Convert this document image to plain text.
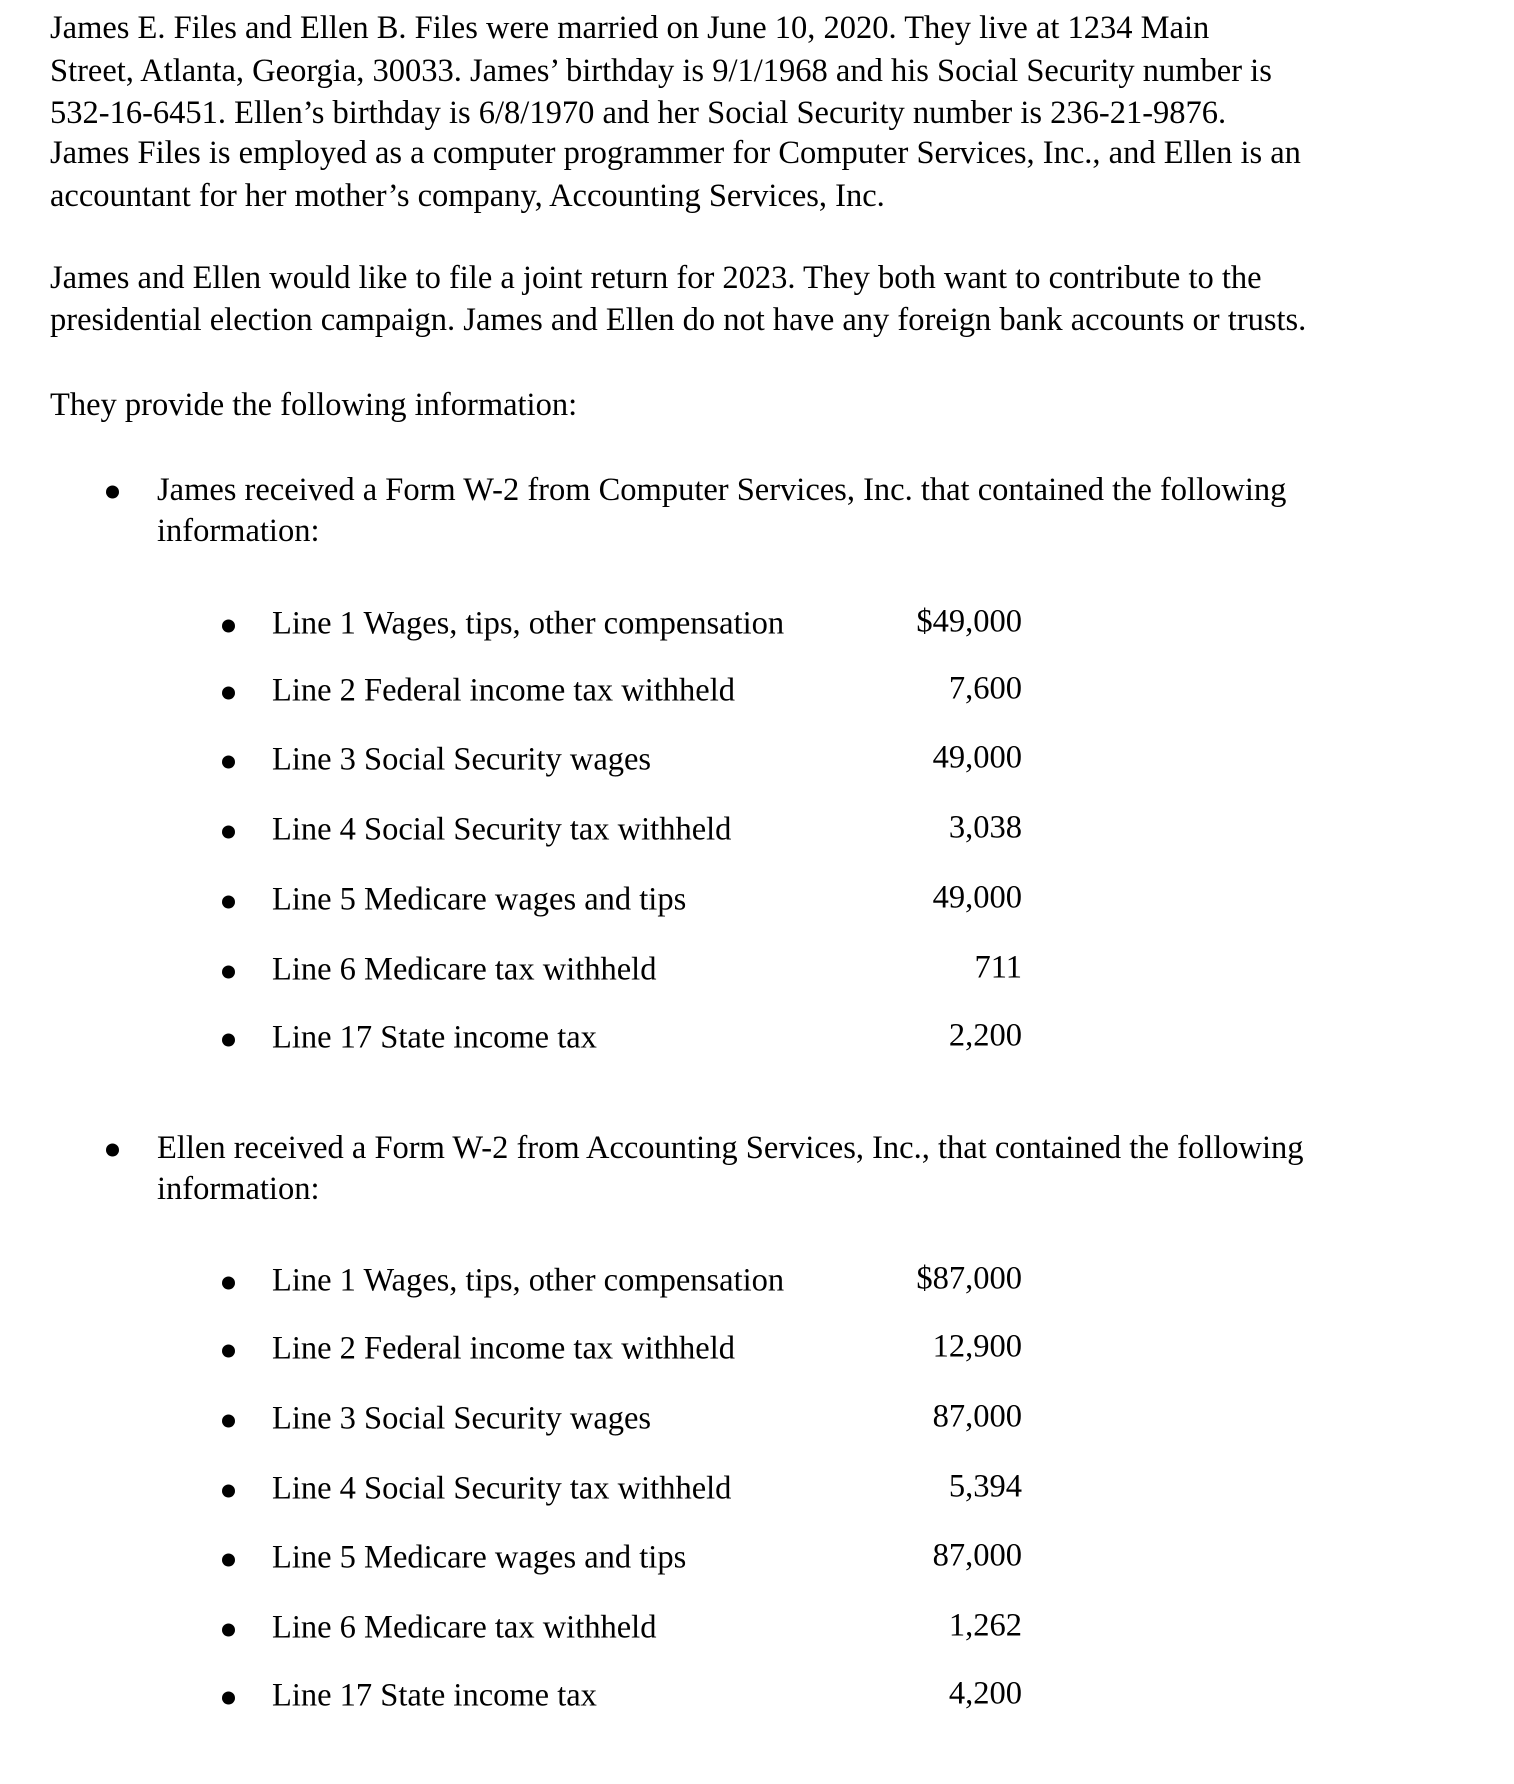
James E. Files and Ellen B. Files were married on June 10, 2020. They live at 1234 Main
Street, Atlanta, Georgia, 30033. James’ birthday is 9/1/1968 and his Social Security number is
532-16-6451. Ellen’s birthday is 6/8/1970 and her Social Security number is 236-21-9876.
James Files is employed as a computer programmer for Computer Services, Inc., and Ellen is an
accountant for her mother’s company, Accounting Services, Inc.
James and Ellen would like to file a joint return for 2023. They both want to contribute to the
presidential election campaign. James and Ellen do not have any foreign bank accounts or trusts.
They provide the following information:
James received a Form W-2 from Computer Services, Inc. that contained the following
information:
Line 1 Wages, tips, other compensation	$49,000
Line 2 Federal income tax withheld	7,600
Line 3 Social Security wages	49,000
Line 4 Social Security tax withheld	3,038
Line 5 Medicare wages and tips	49,000
Line 6 Medicare tax withheld	711
Line 17 State income tax	2,200
Ellen received a Form W-2 from Accounting Services, Inc., that contained the following
information:
Line 1 Wages, tips, other compensation	$87,000
Line 2 Federal income tax withheld	12,900
Line 3 Social Security wages	87,000
Line 4 Social Security tax withheld	5,394
Line 5 Medicare wages and tips	87,000
Line 6 Medicare tax withheld	1,262
Line 17 State income tax	4,200
